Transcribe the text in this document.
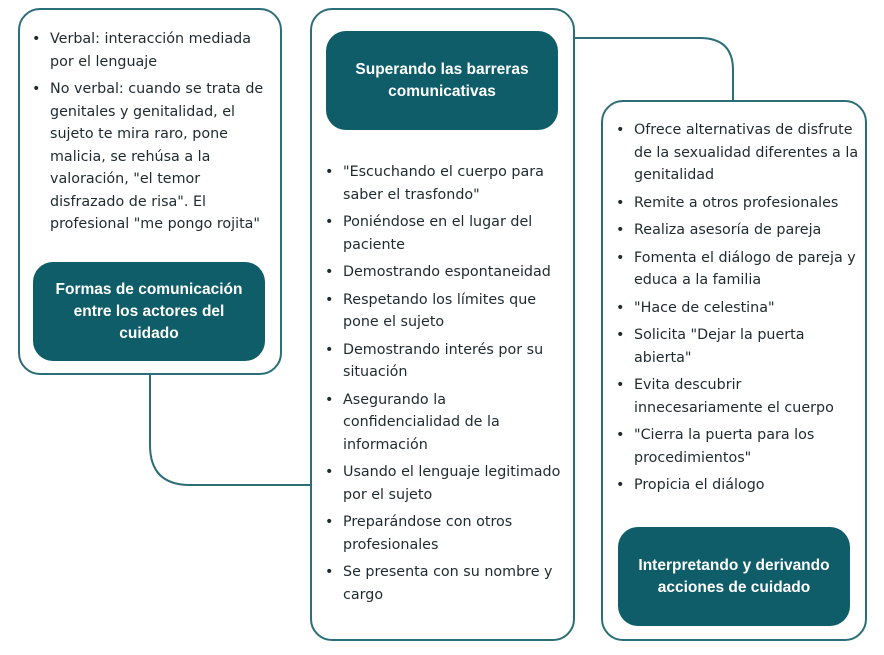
• Verbal: interacción mediada por el lenguaje
• No verbal: cuando se trata de genitales y genitalidad, el sujeto te mira raro, pone malicia, se rehúsa a la valoración, "el temor disfrazado de risa". El profesional "me pongo rojita"
Formas de comunicación entre los actores del cuidado
Superando las barreras comunicativas
• "Escuchando el cuerpo para saber el trasfondo"
• Poniéndose en el lugar del paciente
• Demostrando espontaneidad
• Respetando los límites que pone el sujeto
• Demostrando interés por su situación
• Asegurando la confidencialidad de la información
• Usando el lenguaje legitimado por el sujeto
• Preparándose con otros profesionales
• Se presenta con su nombre y cargo
• Ofrece alternativas de disfrute de la sexualidad diferentes a la genitalidad
• Remite a otros profesionales
• Realiza asesoría de pareja
• Fomenta el diálogo de pareja y educa a la familia
• "Hace de celestina"
• Solicita "Dejar la puerta abierta"
• Evita descubrir innecesariamente el cuerpo
• "Cierra la puerta para los procedimientos"
• Propicia el diálogo
Interpretando y derivando acciones de cuidado
